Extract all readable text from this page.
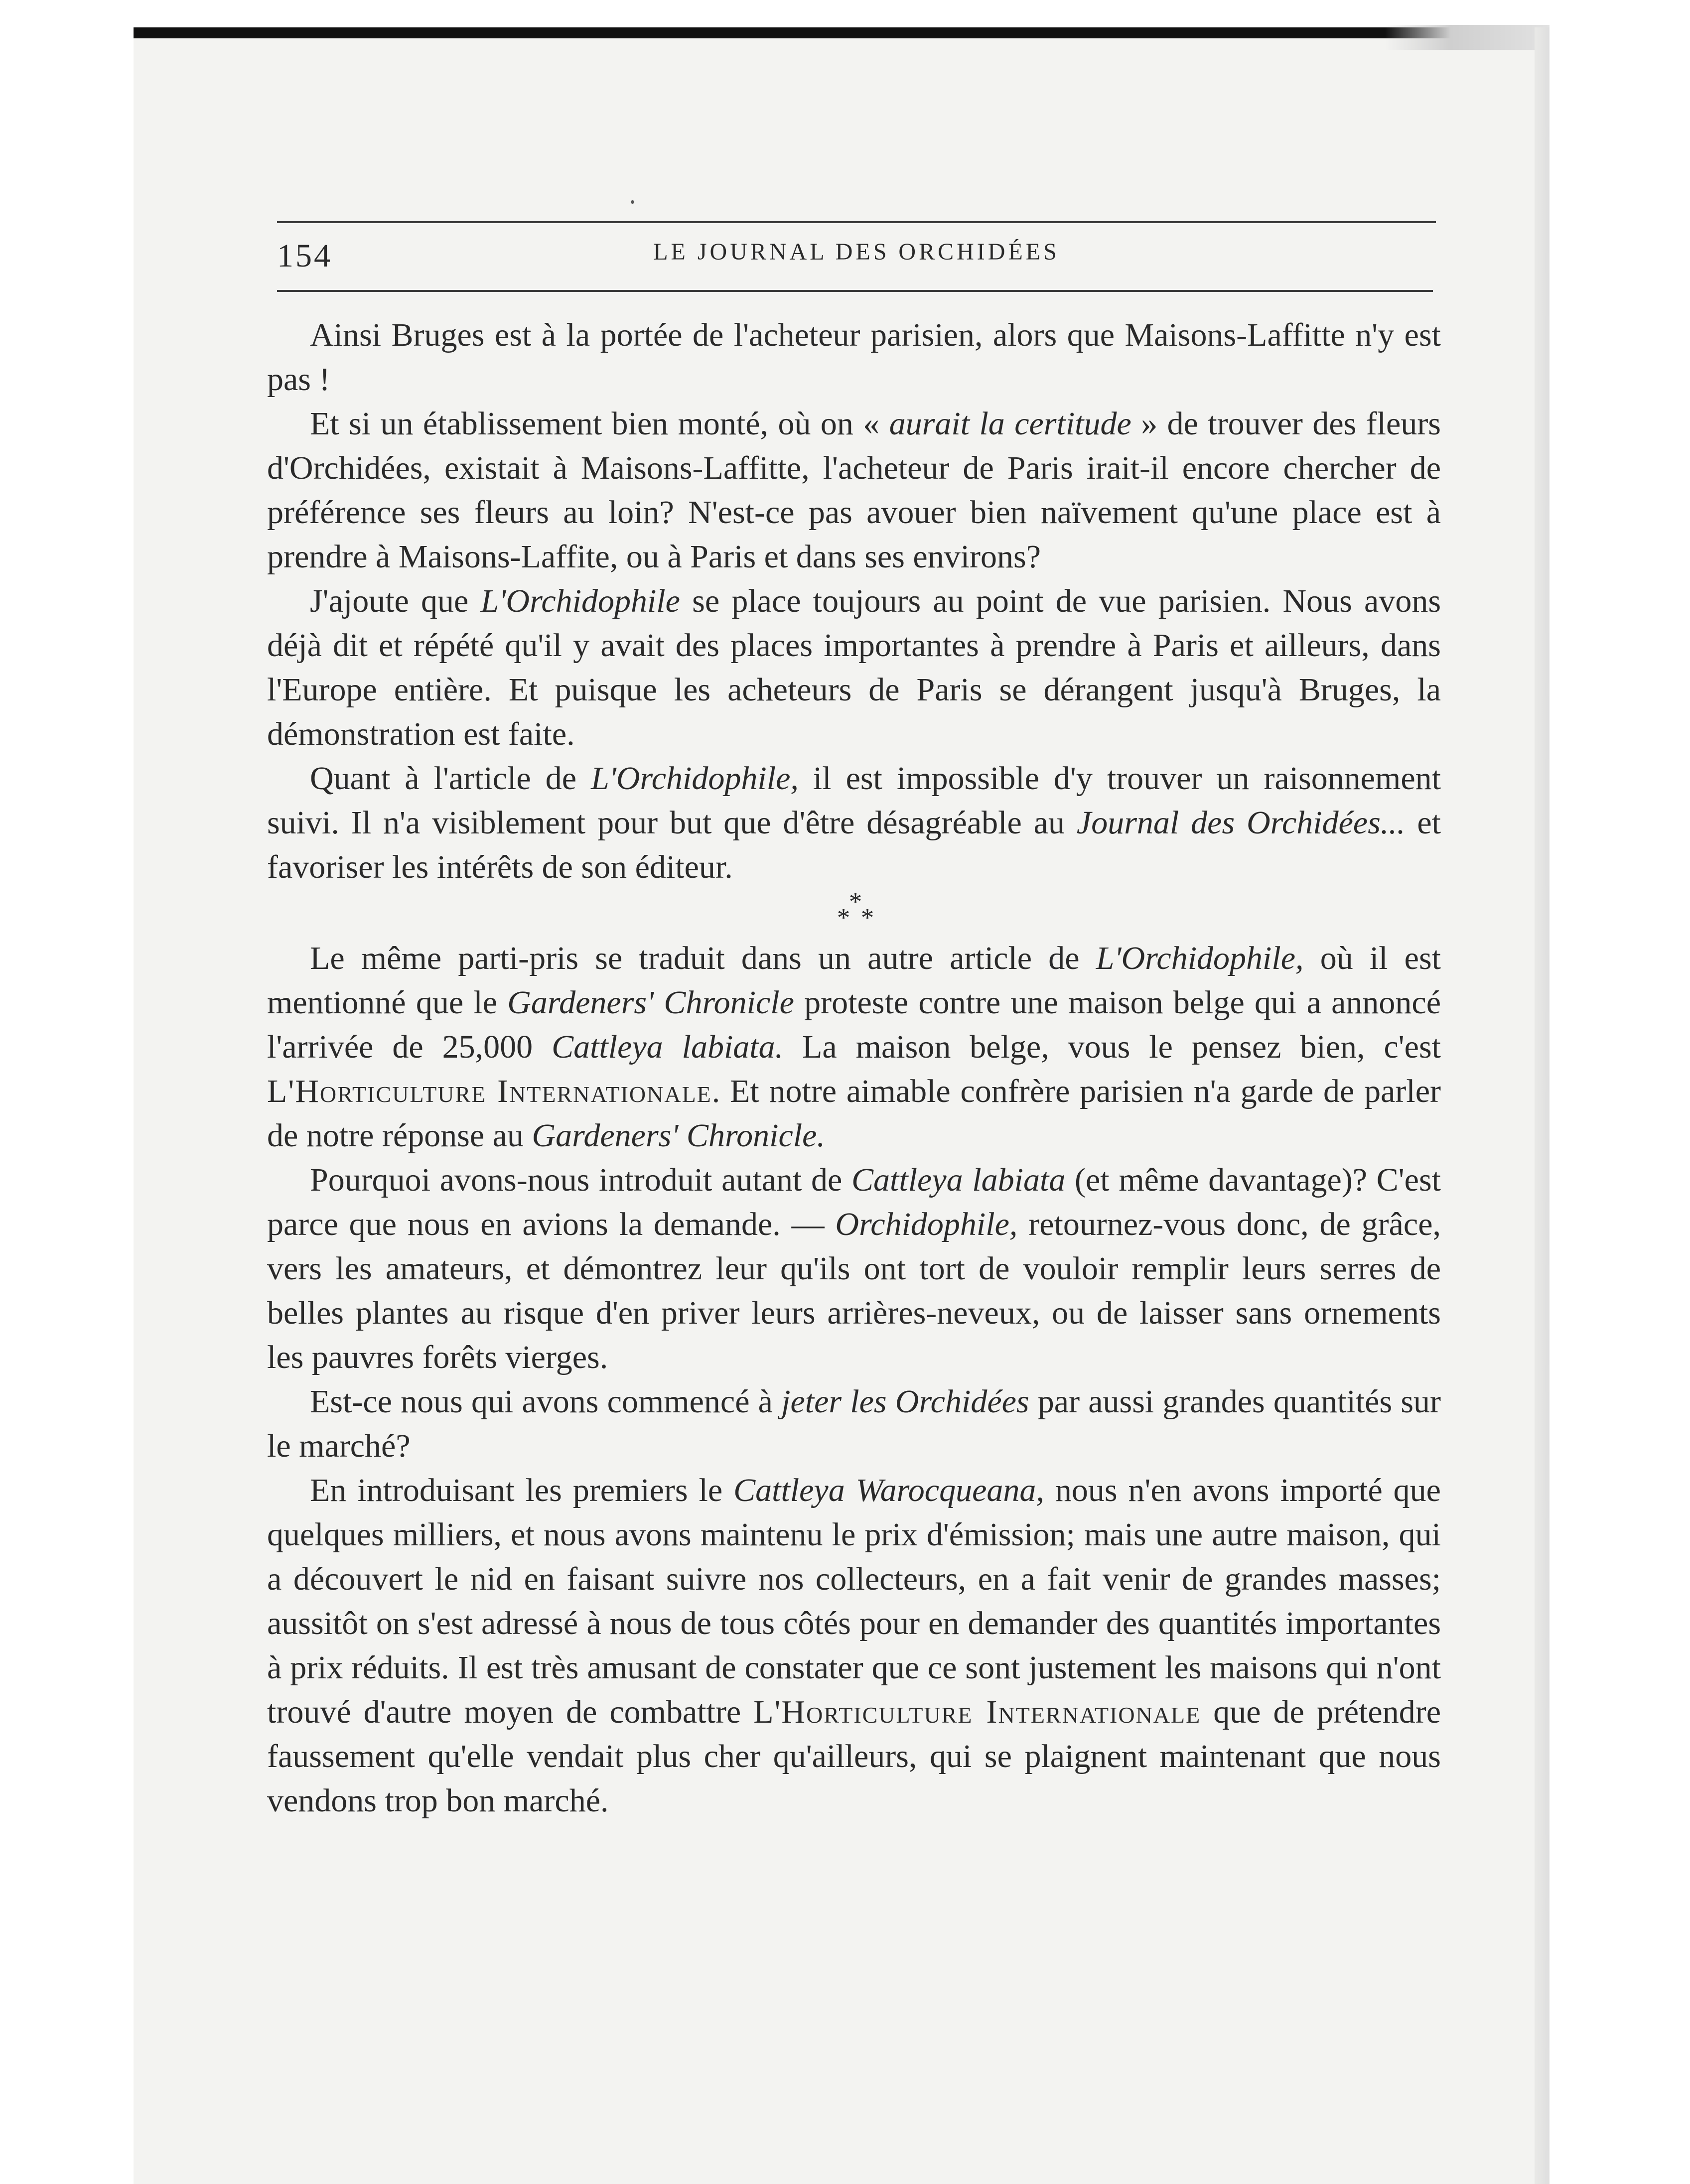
154	LE JOURNAL DES ORCHIDÉES

Ainsi Bruges est à la portée de l'acheteur parisien, alors que Maisons-Laffitte n'y est pas !

Et si un établissement bien monté, où on « aurait la certitude » de trouver des fleurs d'Orchidées, existait à Maisons-Laffitte, l'acheteur de Paris irait-il encore chercher de préférence ses fleurs au loin? N'est-ce pas avouer bien naïvement qu'une place est à prendre à Maisons-Laffite, ou à Paris et dans ses environs?

J'ajoute que L'Orchidophile se place toujours au point de vue parisien. Nous avons déjà dit et répété qu'il y avait des places importantes à prendre à Paris et ailleurs, dans l'Europe entière. Et puisque les acheteurs de Paris se dérangent jusqu'à Bruges, la démonstration est faite.

Quant à l'article de L'Orchidophile, il est impossible d'y trouver un raisonnement suivi. Il n'a visiblement pour but que d'être désagréable au Journal des Orchidées... et favoriser les intérêts de son éditeur.

*
* *

Le même parti-pris se traduit dans un autre article de L'Orchidophile, où il est mentionné que le Gardeners' Chronicle proteste contre une maison belge qui a annoncé l'arrivée de 25,000 Cattleya labiata. La maison belge, vous le pensez bien, c'est L'Horticulture Internationale. Et notre aimable confrère parisien n'a garde de parler de notre réponse au Gardeners' Chronicle.

Pourquoi avons-nous introduit autant de Cattleya labiata (et même davantage)? C'est parce que nous en avions la demande. — Orchidophile, retournez-vous donc, de grâce, vers les amateurs, et démontrez leur qu'ils ont tort de vouloir remplir leurs serres de belles plantes au risque d'en priver leurs arrières-neveux, ou de laisser sans ornements les pauvres forêts vierges.

Est-ce nous qui avons commencé à jeter les Orchidées par aussi grandes quantités sur le marché?

En introduisant les premiers le Cattleya Warocqueana, nous n'en avons importé que quelques milliers, et nous avons maintenu le prix d'émission; mais une autre maison, qui a découvert le nid en faisant suivre nos collecteurs, en a fait venir de grandes masses; aussitôt on s'est adressé à nous de tous côtés pour en demander des quantités importantes à prix réduits. Il est très amusant de constater que ce sont justement les maisons qui n'ont trouvé d'autre moyen de combattre L'Horticulture Internationale que de prétendre faussement qu'elle vendait plus cher qu'ailleurs, qui se plaignent maintenant que nous vendons trop bon marché.
